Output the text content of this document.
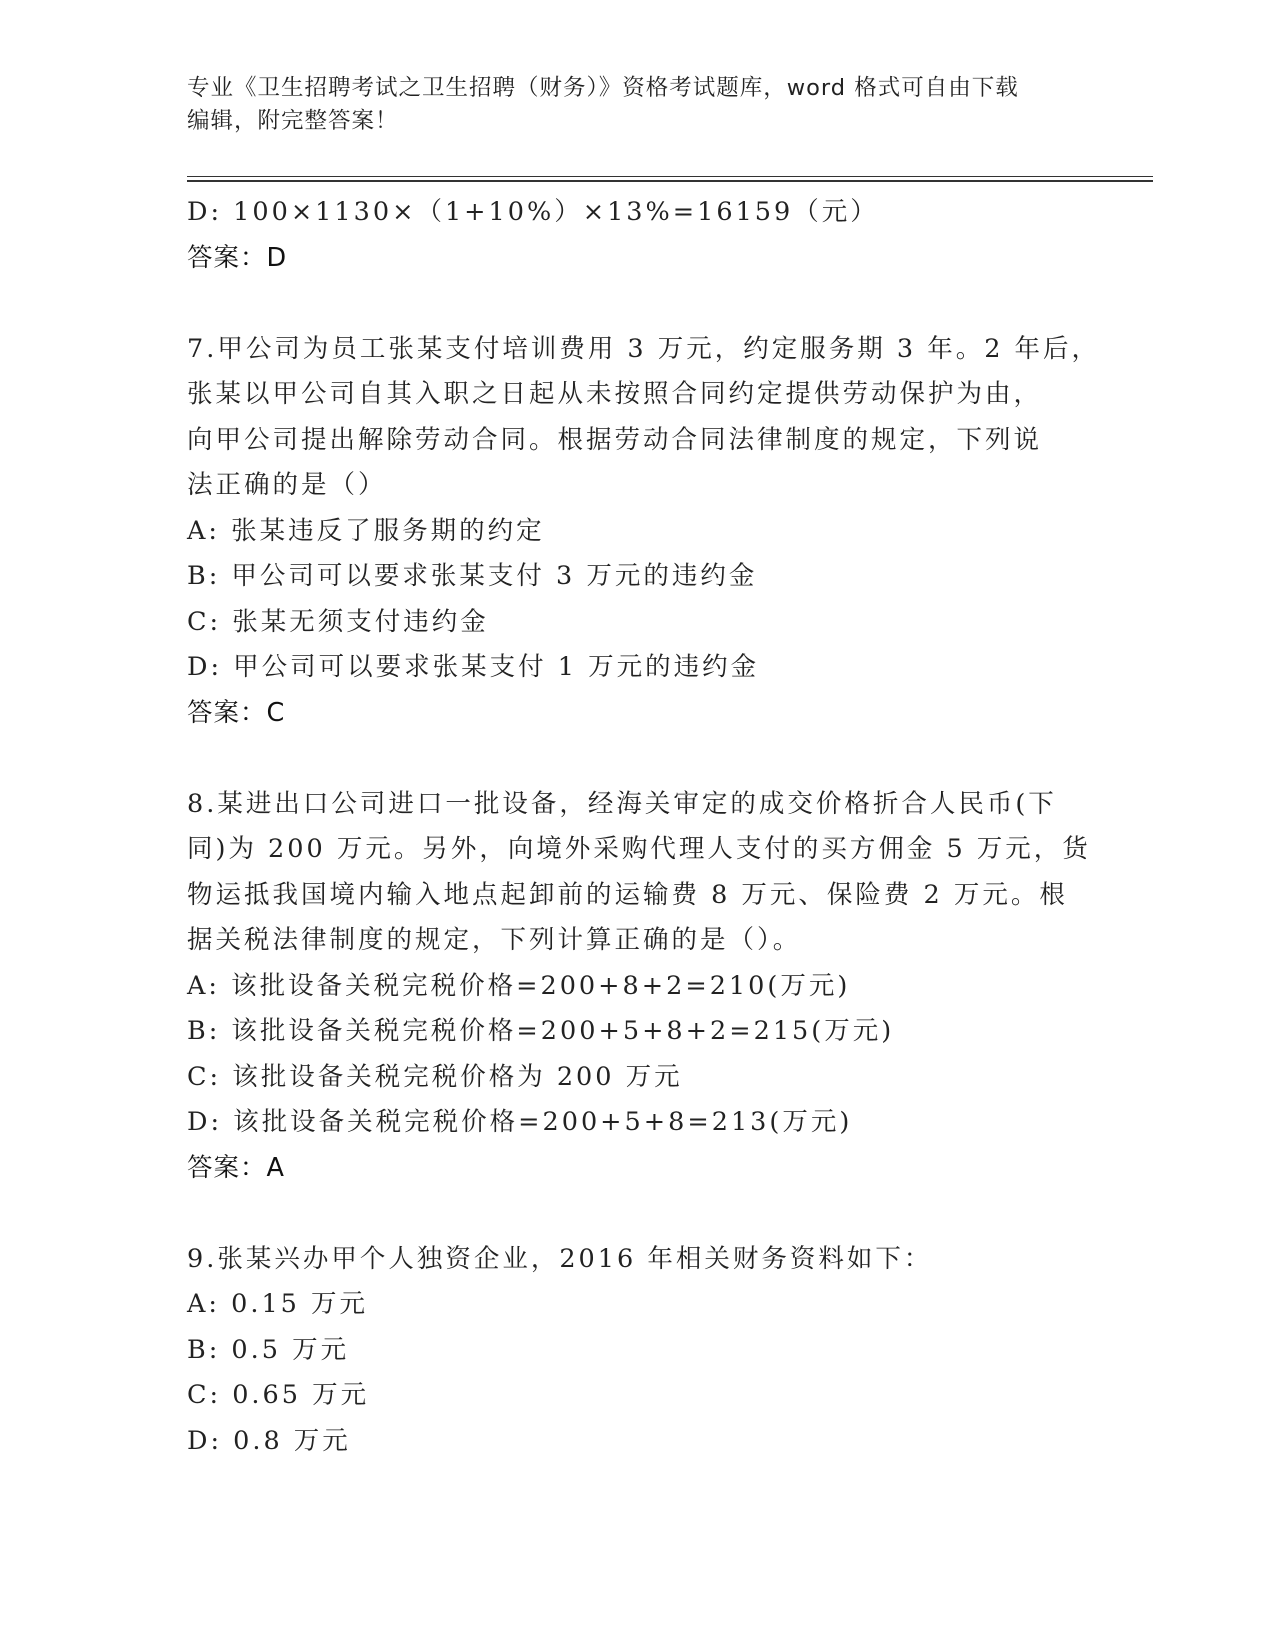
专业《卫生招聘考试之卫生招聘（财务）》资格考试题库，word 格式可自由下载
编辑，附完整答案！
D: 100×1130×（1+10%）×13%=16159（元）
答案：D
7.甲公司为员工张某支付培训费用 3 万元，约定服务期 3 年。2 年后，
张某以甲公司自其入职之日起从未按照合同约定提供劳动保护为由，
向甲公司提出解除劳动合同。根据劳动合同法律制度的规定，下列说
法正确的是（）
A: 张某违反了服务期的约定
B: 甲公司可以要求张某支付 3 万元的违约金
C: 张某无须支付违约金
D: 甲公司可以要求张某支付 1 万元的违约金
答案：C
8.某进出口公司进口一批设备，经海关审定的成交价格折合人民币(下
同)为 200 万元。另外，向境外采购代理人支付的买方佣金 5 万元，货
物运抵我国境内输入地点起卸前的运输费 8 万元、保险费 2 万元。根
据关税法律制度的规定，下列计算正确的是（）。
A: 该批设备关税完税价格=200+8+2=210(万元)
B: 该批设备关税完税价格=200+5+8+2=215(万元)
C: 该批设备关税完税价格为 200 万元
D: 该批设备关税完税价格=200+5+8=213(万元)
答案：A
9.张某兴办甲个人独资企业，2016 年相关财务资料如下：
A: 0.15 万元
B: 0.5 万元
C: 0.65 万元
D: 0.8 万元
